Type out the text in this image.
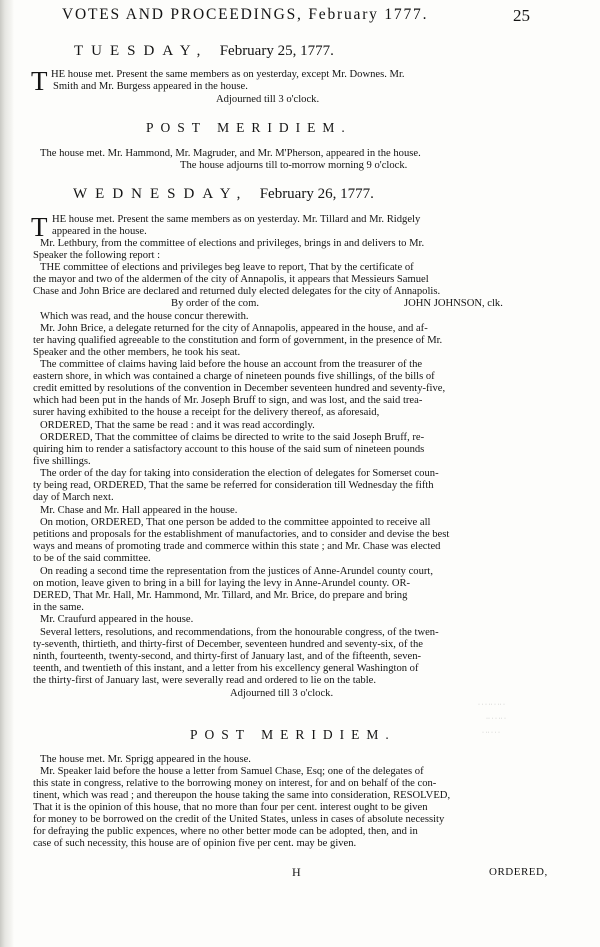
VOTES AND PROCEEDINGS, February 1777.	25
TUESDAY, February 25, 1777.
T HE house met. Present the same members as on yesterday, except Mr. Downes. Mr.
Smith and Mr. Burgess appeared in the house.
Adjourned till 3 o'clock.
POST MERIDIEM.
The house met. Mr. Hammond, Mr. Magruder, and Mr. M'Pherson, appeared in the house.
The house adjourns till to-morrow morning 9 o'clock.
WEDNESDAY, February 26, 1777.
T HE house met. Present the same members as on yesterday. Mr. Tillard and Mr. Ridgely
appeared in the house.
Mr. Lethbury, from the committee of elections and privileges, brings in and delivers to Mr.
Speaker the following report :
THE committee of elections and privileges beg leave to report, That by the certificate of
the mayor and two of the aldermen of the city of Annapolis, it appears that Messieurs Samuel
Chase and John Brice are declared and returned duly elected delegates for the city of Annapolis.
By order of the com.	JOHN JOHNSON, clk.
Which was read, and the house concur therewith.
Mr. John Brice, a delegate returned for the city of Annapolis, appeared in the house, and af-
ter having qualified agreeable to the constitution and form of government, in the presence of Mr.
Speaker and the other members, he took his seat.
The committee of claims having laid before the house an account from the treasurer of the
eastern shore, in which was contained a charge of nineteen pounds five shillings, of the bills of
credit emitted by resolutions of the convention in December seventeen hundred and seventy-five,
which had been put in the hands of Mr. Joseph Bruff to sign, and was lost, and the said trea-
surer having exhibited to the house a receipt for the delivery thereof, as aforesaid,
ORDERED, That the same be read : and it was read accordingly.
ORDERED, That the committee of claims be directed to write to the said Joseph Bruff, re-
quiring him to render a satisfactory account to this house of the said sum of nineteen pounds
five shillings.
The order of the day for taking into consideration the election of delegates for Somerset coun-
ty being read, ORDERED, That the same be referred for consideration till Wednesday the fifth
day of March next.
Mr. Chase and Mr. Hall appeared in the house.
On motion, ORDERED, That one person be added to the committee appointed to receive all
petitions and proposals for the establishment of manufactories, and to consider and devise the best
ways and means of promoting trade and commerce within this state ; and Mr. Chase was elected
to be of the said committee.
On reading a second time the representation from the justices of Anne-Arundel county court,
on motion, leave given to bring in a bill for laying the levy in Anne-Arundel county. OR-
DERED, That Mr. Hall, Mr. Hammond, Mr. Tillard, and Mr. Brice, do prepare and bring
in the same.
Mr. Craufurd appeared in the house.
Several letters, resolutions, and recommendations, from the honourable congress, of the twen-
ty-seventh, thirtieth, and thirty-first of December, seventeen hundred and seventy-six, of the
ninth, fourteenth, twenty-second, and thirty-first of January last, and of the fifteenth, seven-
teenth, and twentieth of this instant, and a letter from his excellency general Washington of
the thirty-first of January last, were severally read and ordered to lie on the table.
Adjourned till 3 o'clock.
· · · ·· · ·· ·
·· · · ·· ·
· ·· · · ·
POST MERIDIEM.
The house met. Mr. Sprigg appeared in the house.
Mr. Speaker laid before the house a letter from Samuel Chase, Esq; one of the delegates of
this state in congress, relative to the borrowing money on interest, for and on behalf of the con-
tinent, which was read ; and thereupon the house taking the same into consideration, RESOLVED,
That it is the opinion of this house, that no more than four per cent. interest ought to be given
for money to be borrowed on the credit of the United States, unless in cases of absolute necessity
for defraying the public expences, where no other better mode can be adopted, then, and in
case of such necessity, this house are of opinion five per cent. may be given.
H	ORDERED,
